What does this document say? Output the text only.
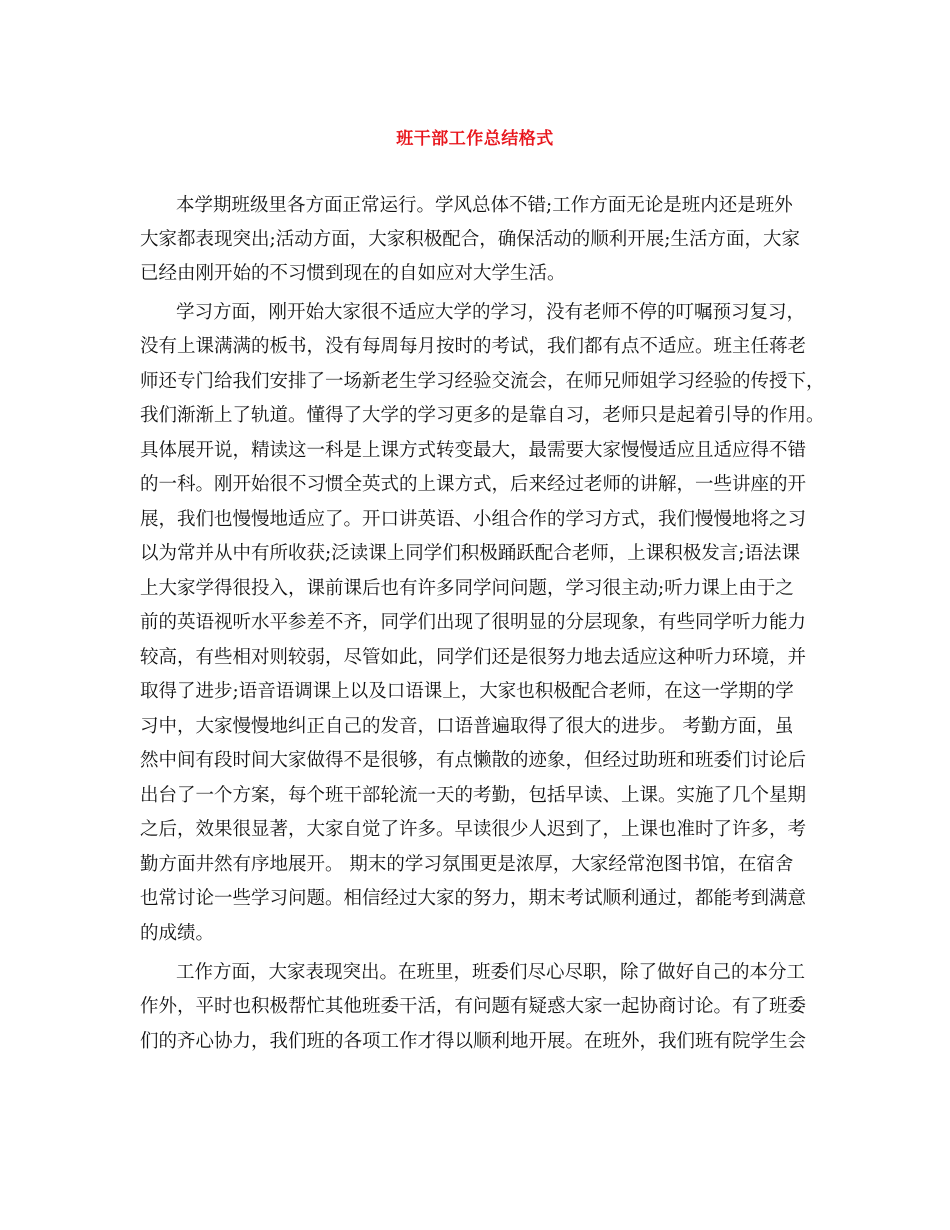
班干部工作总结格式
本学期班级里各方面正常运行。学风总体不错;工作方面无论是班内还是班外
大家都表现突出;活动方面，大家积极配合，确保活动的顺利开展;生活方面，大家
已经由刚开始的不习惯到现在的自如应对大学生活。
学习方面，刚开始大家很不适应大学的学习，没有老师不停的叮嘱预习复习，
没有上课满满的板书，没有每周每月按时的考试，我们都有点不适应。班主任蒋老
师还专门给我们安排了一场新老生学习经验交流会，在师兄师姐学习经验的传授下，
我们渐渐上了轨道。懂得了大学的学习更多的是靠自习，老师只是起着引导的作用。
具体展开说，精读这一科是上课方式转变最大，最需要大家慢慢适应且适应得不错
的一科。刚开始很不习惯全英式的上课方式，后来经过老师的讲解，一些讲座的开
展，我们也慢慢地适应了。开口讲英语、小组合作的学习方式，我们慢慢地将之习
以为常并从中有所收获;泛读课上同学们积极踊跃配合老师，上课积极发言;语法课
上大家学得很投入，课前课后也有许多同学问问题，学习很主动;听力课上由于之
前的英语视听水平参差不齐，同学们出现了很明显的分层现象，有些同学听力能力
较高，有些相对则较弱，尽管如此，同学们还是很努力地去适应这种听力环境，并
取得了进步;语音语调课上以及口语课上，大家也积极配合老师，在这一学期的学
习中，大家慢慢地纠正自己的发音，口语普遍取得了很大的进步。 考勤方面，虽
然中间有段时间大家做得不是很够，有点懒散的迹象，但经过助班和班委们讨论后
出台了一个方案，每个班干部轮流一天的考勤，包括早读、上课。实施了几个星期
之后，效果很显著，大家自觉了许多。早读很少人迟到了，上课也准时了许多，考
勤方面井然有序地展开。 期末的学习氛围更是浓厚，大家经常泡图书馆，在宿舍
也常讨论一些学习问题。相信经过大家的努力，期末考试顺利通过，都能考到满意
的成绩。
工作方面，大家表现突出。在班里，班委们尽心尽职，除了做好自己的本分工
作外，平时也积极帮忙其他班委干活，有问题有疑惑大家一起协商讨论。有了班委
们的齐心协力，我们班的各项工作才得以顺利地开展。在班外，我们班有院学生会
